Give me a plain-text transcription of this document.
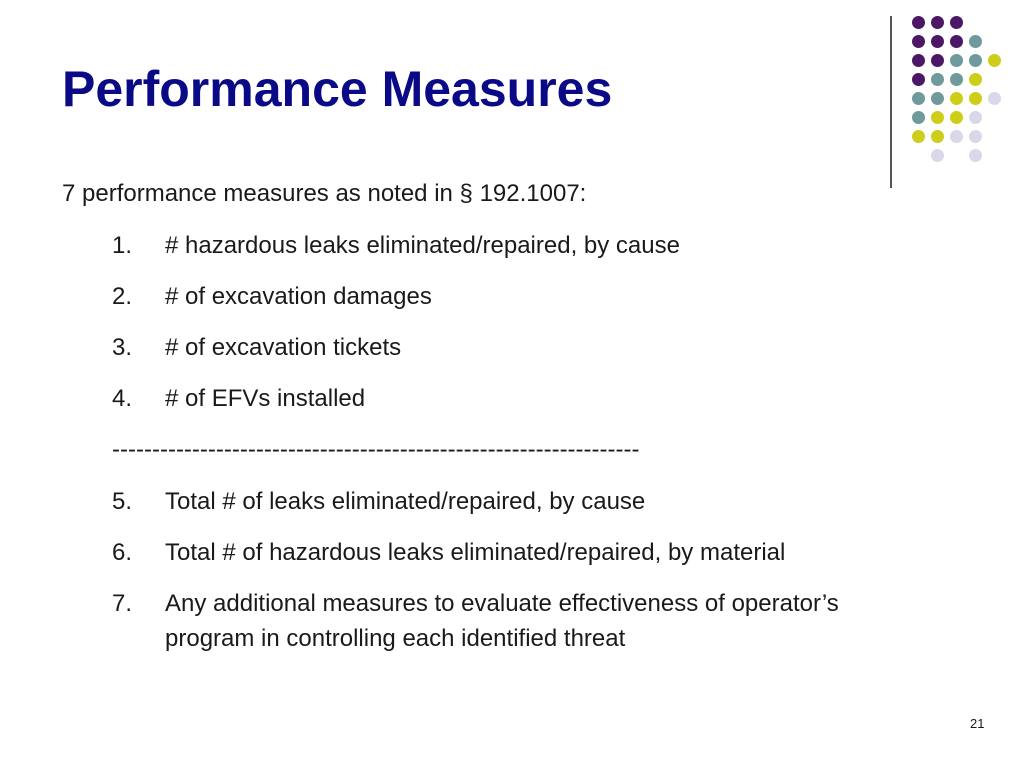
Performance Measures

7 performance measures as noted in § 192.1007:

1.	# hazardous leaks eliminated/repaired, by cause
2.	# of excavation damages
3.	# of excavation tickets
4.	# of EFVs installed
------------------------------------------------------------------
5.	Total # of leaks eliminated/repaired, by cause
6.	Total # of hazardous leaks eliminated/repaired, by material
7.	Any additional measures to evaluate effectiveness of operator’s program in controlling each identified threat
21
